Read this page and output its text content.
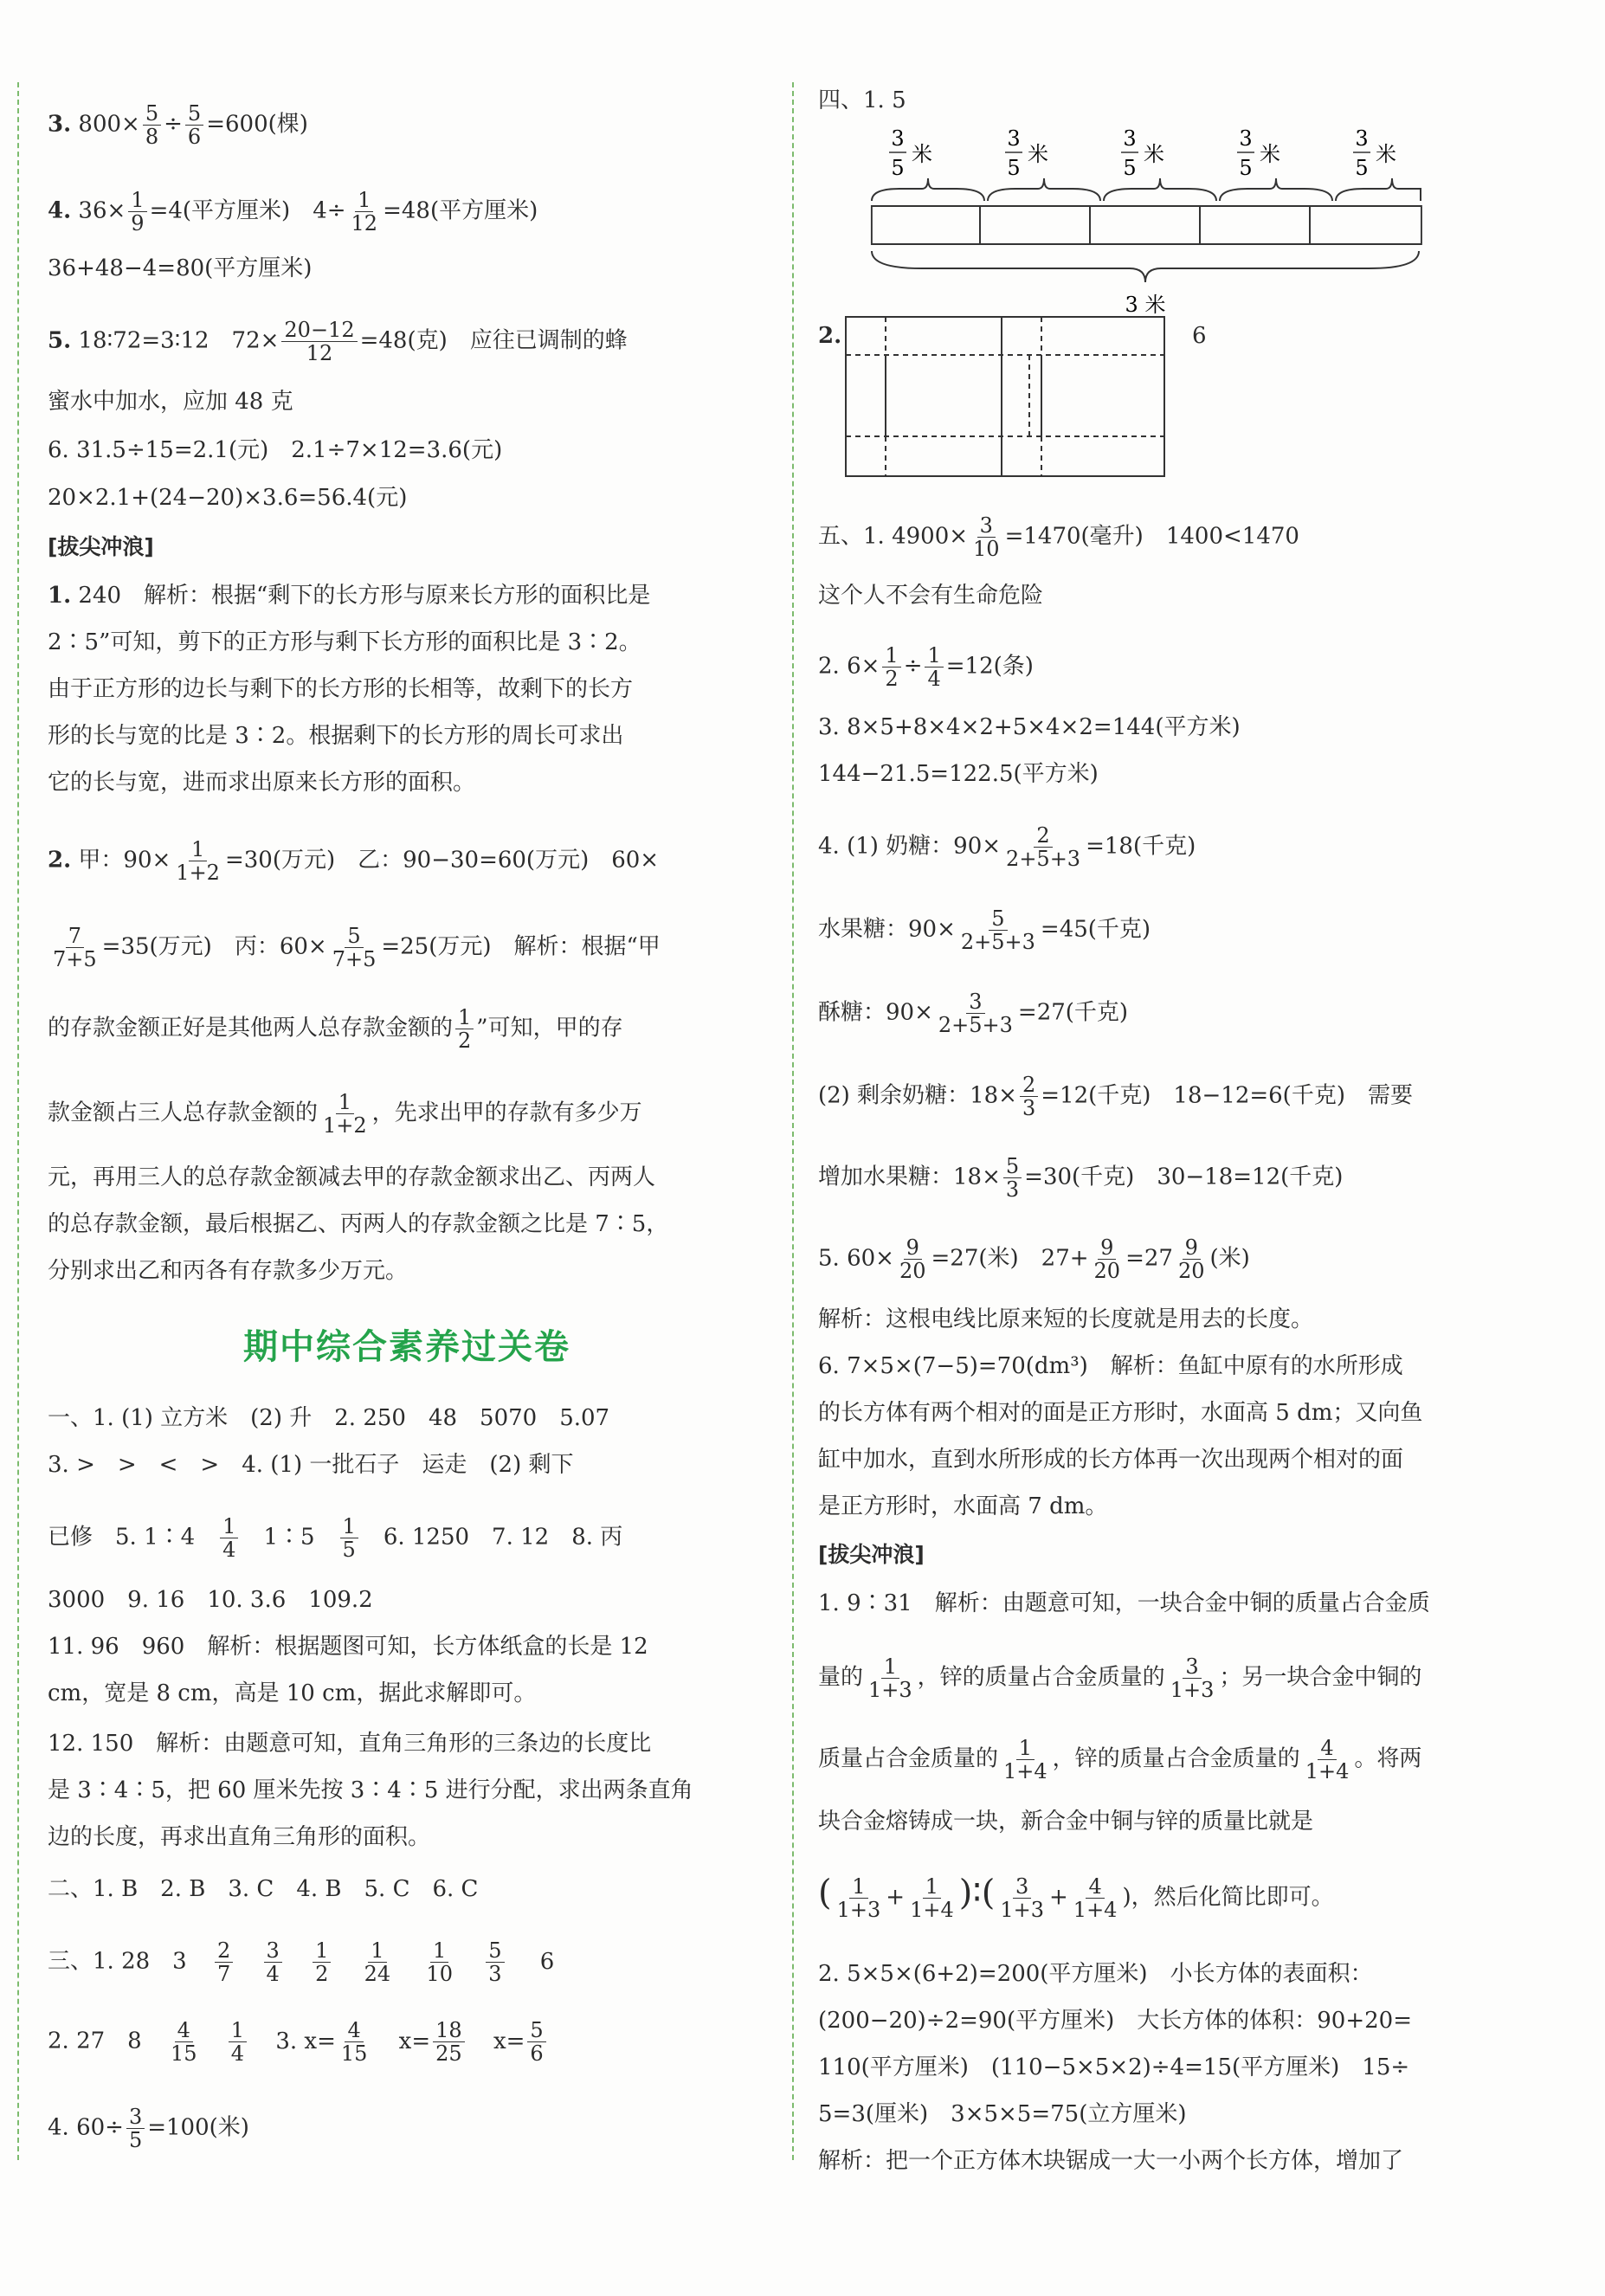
3. $800\times \frac{5}{8} \div \frac{5}{6} =600$(棵)
4. $36\times \frac{1}{9} =4$(平方厘米)　$4\div \frac{1}{12} =48$(平方厘米)
36+48−4=80(平方厘米)
5. 18∶72=3∶12　$72\times \frac{20-12}{12} =48$(克)　应往已调制的蜂
蜜水中加水，应加 48 克
6. 31.5÷15=2.1(元)　2.1÷7×12=3.6(元)
20×2.1+(24−20)×3.6=56.4(元)
[拔尖冲浪]
1. 240　解析：根据“剩下的长方形与原来长方形的面积比是
2∶5”可知，剪下的正方形与剩下长方形的面积比是 3∶2。
由于正方形的边长与剩下的长方形的长相等，故剩下的长方
形的长与宽的比是 3∶2。根据剩下的长方形的周长可求出
它的长与宽，进而求出原来长方形的面积。
2. 甲：$90\times \frac{1}{1+2} =30$(万元)　乙：90−30=60(万元)　60×
$\frac{7}{7+5} =35$(万元)　丙：$60\times \frac{5}{7+5} =25$(万元)　解析：根据“甲
的存款金额正好是其他两人总存款金额的 $\frac{1}{2}$ ”可知，甲的存
款金额占三人总存款金额的 $\frac{1}{1+2}$ ，先求出甲的存款有多少万
元，再用三人的总存款金额减去甲的存款金额求出乙、丙两人
的总存款金额，最后根据乙、丙两人的存款金额之比是 7∶5，
分别求出乙和丙各有存款多少万元。
期中综合素养过关卷
一、1. (1) 立方米　(2) 升　2. 250　48　5070　5.07
3. >　>　<　>　4. (1) 一批石子　运走　(2) 剩下
已修　5. 1∶4　 $\frac{1}{4}$ 　1∶5　 $\frac{1}{5}$ 　6. 1250　7. 12　8. 丙
3000　9. 16　10. 3.6　109.2
11. 96　960　解析：根据题图可知，长方体纸盒的长是 12
cm，宽是 8 cm，高是 10 cm，据此求解即可。
12. 150　解析：由题意可知，直角三角形的三条边的长度比
是 3∶4∶5，把 60 厘米先按 3∶4∶5 进行分配，求出两条直角
边的长度，再求出直角三角形的面积。
二、1. B　2. B　3. C　4. B　5. C　6. C
三、1. 28　$3 \frac{2}{7}$
$\frac{3}{4}$
$\frac{1}{2}$
$\frac{1}{24}$
$\frac{1}{10}$
$\frac{5}{3} 6$
2. 27　$8 \frac{4}{15}$
$\frac{1}{4} 3$. $x= \frac{4}{15} x= \frac{18}{25} x= \frac{5}{6}$
4. $60\div \frac{3}{5} =100$(米)
四、1. 5
3
5
米
3
5
米
3
5
米
3
5
米
3
5
米
3 米
2.	6
五、1. $4900\times \frac{3}{10} =1470$(毫升)　1400<1470
这个人不会有生命危险
2. $6\times \frac{1}{2} \div \frac{1}{4} =12$(条)
3. 8×5+8×4×2+5×4×2=144(平方米)
144−21.5=122.5(平方米)
4. (1) 奶糖：$90\times \frac{2}{2+5+3} =18$(千克)
水果糖：$90\times \frac{5}{2+5+3} =45$(千克)
酥糖：$90\times \frac{3}{2+5+3} =27$(千克)
(2) 剩余奶糖：$18\times \frac{2}{3} =12$(千克)　18−12=6(千克)　需要
增加水果糖：$18\times \frac{5}{3} =30$(千克)　30−18=12(千克)
5. $60\times \frac{9}{20} =27$(米)　$27+ \frac{9}{20} =27 \frac{9}{20}$ (米)
解析：这根电线比原来短的长度就是用去的长度。
6. 7×5×(7−5)=70(dm³)　解析：鱼缸中原有的水所形成
的长方体有两个相对的面是正方形时，水面高 5 dm；又向鱼
缸中加水，直到水所形成的长方体再一次出现两个相对的面
是正方形时，水面高 7 dm。
[拔尖冲浪]
1. 9∶31　解析：由题意可知，一块合金中铜的质量占合金质
量的 $\frac{1}{1+3}$ ，锌的质量占合金质量的 $\frac{3}{1+3}$ ；另一块合金中铜的
质量占合金质量的 $\frac{1}{1+4}$ ，锌的质量占合金质量的 $\frac{4}{1+4}$ 。将两
块合金熔铸成一块，新合金中铜与锌的质量比就是
( $\frac{1}{1+3} + \frac{1}{1+4}$ )∶( $\frac{3}{1+3} + \frac{4}{1+4}$ )，然后化简比即可。
2. 5×5×(6+2)=200(平方厘米)　小长方体的表面积：
(200−20)÷2=90(平方厘米)　大长方体的体积：90+20=
110(平方厘米)　(110−5×5×2)÷4=15(平方厘米)　15÷
5=3(厘米)　3×5×5=75(立方厘米)
解析：把一个正方体木块锯成一大一小两个长方体，增加了
